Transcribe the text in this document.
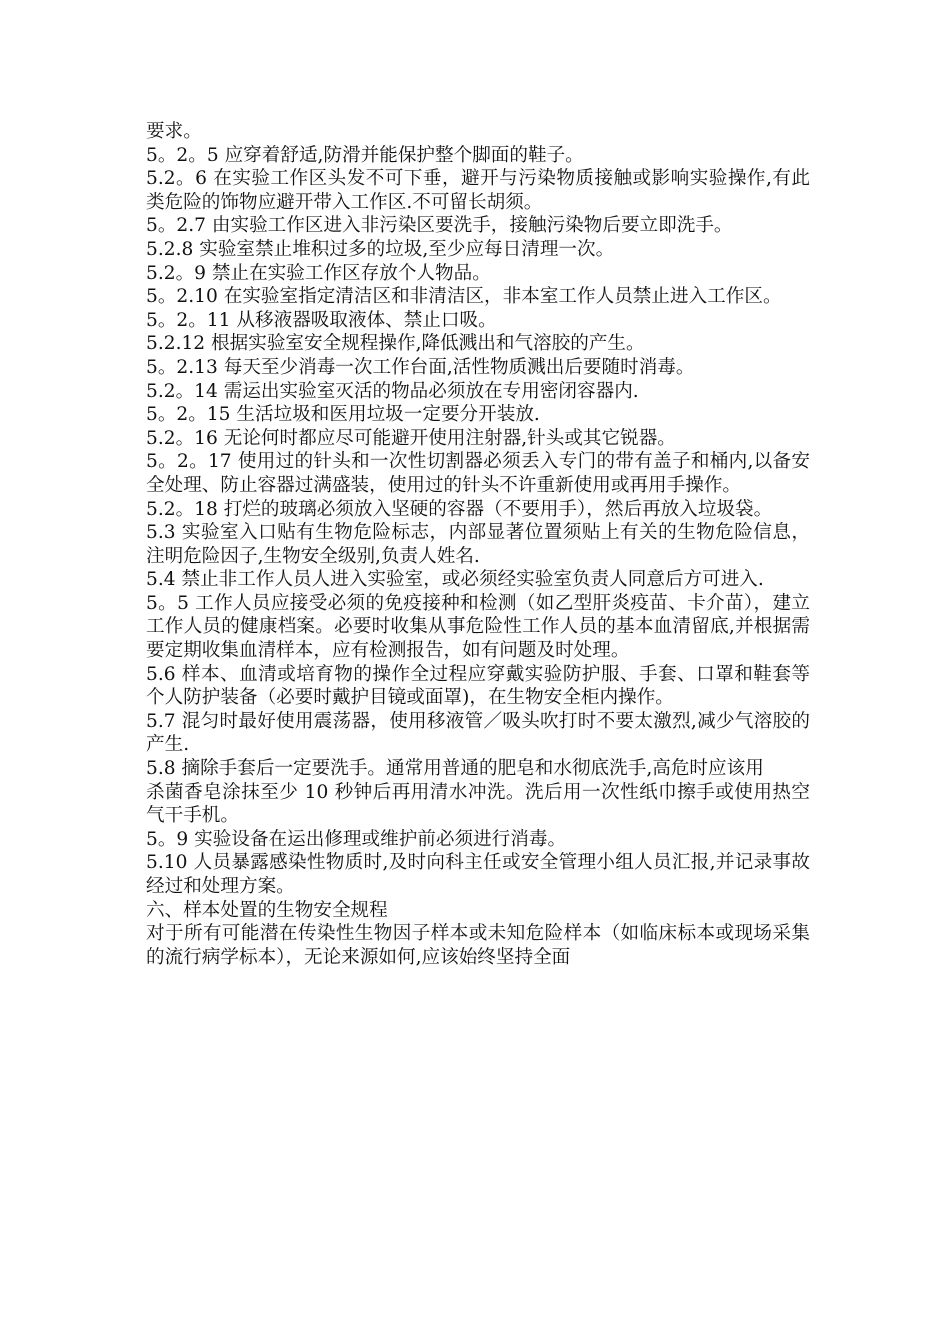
要求。

5。2。5 应穿着舒适,防滑并能保护整个脚面的鞋子。

5.2。6 在实验工作区头发不可下垂，避开与污染物质接触或影响实验操作,有此类危险的饰物应避开带入工作区.不可留长胡须。

5。2.7 由实验工作区进入非污染区要洗手，接触污染物后要立即洗手。

5.2.8 实验室禁止堆积过多的垃圾,至少应每日清理一次。

5.2。9 禁止在实验工作区存放个人物品。

5。2.10 在实验室指定清洁区和非清洁区，非本室工作人员禁止进入工作区。

5。2。11 从移液器吸取液体、禁止口吸。

5.2.12 根据实验室安全规程操作,降低溅出和气溶胶的产生。

5。2.13 每天至少消毒一次工作台面,活性物质溅出后要随时消毒。

5.2。14 需运出实验室灭活的物品必须放在专用密闭容器内.

5。2。15 生活垃圾和医用垃圾一定要分开装放.

5.2。16 无论何时都应尽可能避开使用注射器,针头或其它锐器。

5。2。17 使用过的针头和一次性切割器必须丢入专门的带有盖子和桶内,以备安全处理、防止容器过满盛装，使用过的针头不许重新使用或再用手操作。

5.2。18 打烂的玻璃必须放入坚硬的容器（不要用手），然后再放入垃圾袋。

5.3 实验室入口贴有生物危险标志，内部显著位置须贴上有关的生物危险信息，注明危险因子,生物安全级别,负责人姓名.

5.4 禁止非工作人员人进入实验室，或必须经实验室负责人同意后方可进入.

5。5 工作人员应接受必须的免疫接种和检测（如乙型肝炎疫苗、卡介苗），建立工作人员的健康档案。必要时收集从事危险性工作人员的基本血清留底,并根据需要定期收集血清样本，应有检测报告，如有问题及时处理。

5.6 样本、血清或培育物的操作全过程应穿戴实验防护服、手套、口罩和鞋套等个人防护装备（必要时戴护目镜或面罩)，在生物安全柜内操作。

5.7 混匀时最好使用震荡器，使用移液管／吸头吹打时不要太激烈,减少气溶胶的产生.

5.8 摘除手套后一定要洗手。通常用普通的肥皂和水彻底洗手,高危时应该用

杀菌香皂涂抹至少 10 秒钟后再用清水冲洗。洗后用一次性纸巾擦手或使用热空气干手机。

5。9 实验设备在运出修理或维护前必须进行消毒。

5.10 人员暴露感染性物质时,及时向科主任或安全管理小组人员汇报,并记录事故经过和处理方案。

六、样本处置的生物安全规程

对于所有可能潜在传染性生物因子样本或未知危险样本（如临床标本或现场采集的流行病学标本），无论来源如何,应该始终坚持全面
